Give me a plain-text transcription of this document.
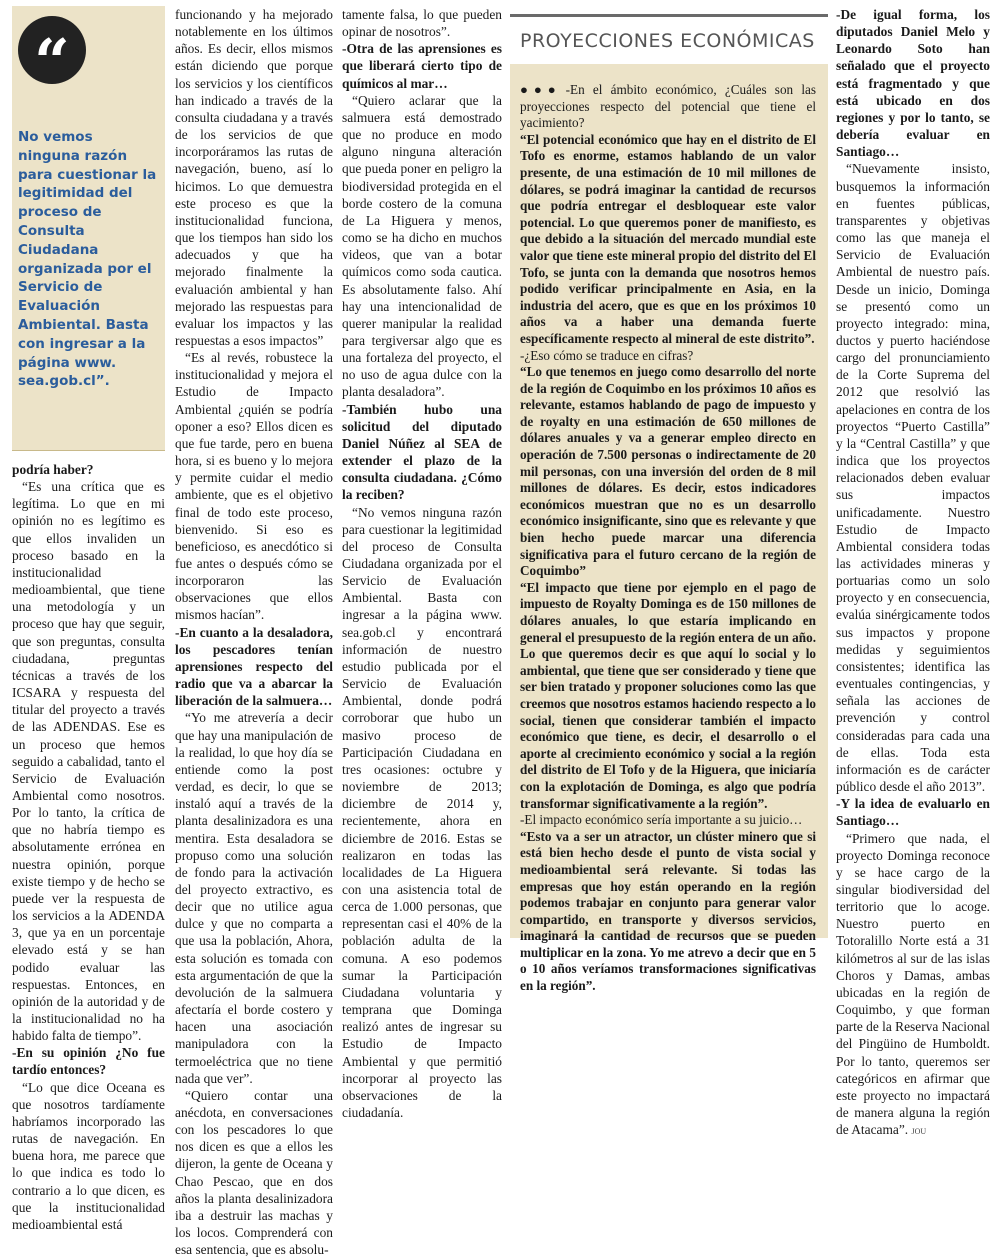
“
No vemos ninguna razón para cuestionar la legitimidad del proceso de Consulta Ciudadana organizada por el Servicio de Evaluación Ambiental. Basta con ingresar a la página www. sea.gob.cl”.

podría haber?

“Es una crítica que es legítima. Lo que en mi opinión no es legítimo es que ellos invaliden un proceso basado en la institucionalidad medioambiental, que tiene una metodología y un proceso que hay que seguir, que son preguntas, consulta ciudadana, preguntas técnicas a través de los ICSARA y respuesta del titular del proyecto a través de las ADENDAS. Ese es un proceso que hemos seguido a cabalidad, tanto el Servicio de Evaluación Ambiental como nosotros. Por lo tanto, la crítica de que no habría tiempo es absolutamente errónea en nuestra opinión, porque existe tiempo y de hecho se puede ver la respuesta de los servicios a la ADENDA 3, que ya en un porcentaje elevado está y se han podido evaluar las respuestas. Entonces, en opinión de la autoridad y de la institucionalidad no ha habido falta de tiempo”.

-En su opinión ¿No fue tardío entonces?

“Lo que dice Oceana es que nosotros tardíamente habríamos incorporado las rutas de navegación. En buena hora, me parece que lo que indica es todo lo contrario a lo que dicen, es que la institucionalidad medioambiental está

funcionando y ha mejorado notablemente en los últimos años. Es decir, ellos mismos están diciendo que porque los servicios y los científicos han indicado a través de la consulta ciudadana y a través de los servicios de que incorporáramos las rutas de navegación, bueno, así lo hicimos. Lo que demuestra este proceso es que la institucionalidad funciona, que los tiempos han sido los adecuados y que ha mejorado finalmente la evaluación ambiental y han mejorado las respuestas para evaluar los impactos y las respuestas a esos impactos”

“Es al revés, robustece la institucionalidad y mejora el Estudio de Impacto Ambiental ¿quién se podría oponer a eso? Ellos dicen es que fue tarde, pero en buena hora, si es bueno y lo mejora y permite cuidar el medio ambiente, que es el objetivo final de todo este proceso, bienvenido. Si eso es beneficioso, es anecdótico si fue antes o después cómo se incorporaron las observaciones que ellos mismos hacían”.

-En cuanto a la desaladora, los pescadores tenían aprensiones respecto del radio que va a abarcar la liberación de la salmuera…

“Yo me atrevería a decir que hay una manipulación de la realidad, lo que hoy día se entiende como la post verdad, es decir, lo que se instaló aquí a través de la planta desalinizadora es una mentira. Esta desaladora se propuso como una solución de fondo para la activación del proyecto extractivo, es decir que no utilice agua dulce y que no comparta a que usa la población, Ahora, esta solución es tomada con esta argumentación de que la devolución de la salmuera afectaría el borde costero y hacen una asociación manipuladora con la termoeléctrica que no tiene nada que ver”.

“Quiero contar una anécdota, en conversaciones con los pescadores lo que nos dicen es que a ellos les dijeron, la gente de Oceana y Chao Pescao, que en dos años la planta desalinizadora iba a destruir las machas y los locos. Comprenderá con esa sentencia, que es absolu-

tamente falsa, lo que pueden opinar de nosotros”.

-Otra de las aprensiones es que liberará cierto tipo de químicos al mar…

“Quiero aclarar que la salmuera está demostrado que no produce en modo alguno ninguna alteración que pueda poner en peligro la biodiversidad protegida en el borde costero de la comuna de La Higuera y menos, como se ha dicho en muchos videos, que van a botar químicos como soda cautica. Es absolutamente falso. Ahí hay una intencionalidad de querer manipular la realidad para tergiversar algo que es una fortaleza del proyecto, el no uso de agua dulce con la planta desaladora”.

-También hubo una solicitud del diputado Daniel Núñez al SEA de extender el plazo de la consulta ciudadana. ¿Cómo la reciben?

“No vemos ninguna razón para cuestionar la legitimidad del proceso de Consulta Ciudadana organizada por el Servicio de Evaluación Ambiental. Basta con ingresar a la página www. sea.gob.cl y encontrará información de nuestro estudio publicada por el Servicio de Evaluación Ambiental, donde podrá corroborar que hubo un masivo proceso de Participación Ciudadana en tres ocasiones: octubre y noviembre de 2013; diciembre de 2014 y, recientemente, ahora en diciembre de 2016. Estas se realizaron en todas las localidades de La Higuera con una asistencia total de cerca de 1.000 personas, que representan casi el 40% de la población adulta de la comuna. A eso podemos sumar la Participación Ciudadana voluntaria y temprana que Dominga realizó antes de ingresar su Estudio de Impacto Ambiental y que permitió incorporar al proyecto las observaciones de la ciudadanía.

PROYECCIONES ECONÓMICAS

●●● -En el ámbito económico, ¿Cuáles son las proyecciones respecto del potencial que tiene el yacimiento?

“El potencial económico que hay en el distrito de El Tofo es enorme, estamos hablando de un valor presente, de una estimación de 10 mil millones de dólares, se podrá imaginar la cantidad de recursos que podría entregar el desbloquear este valor potencial. Lo que queremos poner de manifiesto, es que debido a la situación del mercado mundial este valor que tiene este mineral propio del distrito del El Tofo, se junta con la demanda que nosotros hemos podido verificar principalmente en Asia, en la industria del acero, que es que en los próximos 10 años va a haber una demanda fuerte específicamente respecto al mineral de este distrito”.

-¿Eso cómo se traduce en cifras?

“Lo que tenemos en juego como desarrollo del norte de la región de Coquimbo en los próximos 10 años es relevante, estamos hablando de pago de impuesto y de royalty en una estimación de 650 millones de dólares anuales y va a generar empleo directo en operación de 7.500 personas o indirectamente de 20 mil personas, con una inversión del orden de 8 mil millones de dólares. Es decir, estos indicadores económicos muestran que no es un desarrollo económico insignificante, sino que es relevante y que bien hecho puede marcar una diferencia significativa para el futuro cercano de la región de Coquimbo”

“El impacto que tiene por ejemplo en el pago de impuesto de Royalty Dominga es de 150 millones de dólares anuales, lo que estaría implicando en general el presupuesto de la región entera de un año. Lo que queremos decir es que aquí lo social y lo ambiental, que tiene que ser considerado y tiene que ser bien tratado y proponer soluciones como las que creemos que nosotros estamos haciendo respecto a lo social, tienen que considerar también el impacto económico que tiene, es decir, el desarrollo o el aporte al crecimiento económico y social a la región del distrito de El Tofo y de la Higuera, que iniciaría con la explotación de Dominga, es algo que podría transformar significativamente a la región”.

-El impacto económico sería importante a su juicio…

“Esto va a ser un atractor, un clúster minero que si está bien hecho desde el punto de vista social y medioambiental será relevante. Si todas las empresas que hoy están operando en la región podemos trabajar en conjunto para generar valor compartido, en transporte y diversos servicios, imaginará la cantidad de recursos que se pueden multiplicar en la zona. Yo me atrevo a decir que en 5 o 10 años veríamos transformaciones significativas en la región”.

-De igual forma, los diputados Daniel Melo y Leonardo Soto han señalado que el proyecto está fragmentado y que está ubicado en dos regiones y por lo tanto, se debería evaluar en Santiago…

“Nuevamente insisto, busquemos la información en fuentes públicas, transparentes y objetivas como las que maneja el Servicio de Evaluación Ambiental de nuestro país. Desde un inicio, Dominga se presentó como un proyecto integrado: mina, ductos y puerto haciéndose cargo del pronunciamiento de la Corte Suprema del 2012 que resolvió las apelaciones en contra de los proyectos “Puerto Castilla” y la “Central Castilla” y que indica que los proyectos relacionados deben evaluar sus impactos unificadamente. Nuestro Estudio de Impacto Ambiental considera todas las actividades mineras y portuarias como un solo proyecto y en consecuencia, evalúa sinérgicamente todos sus impactos y propone medidas y seguimientos consistentes; identifica las eventuales contingencias, y señala las acciones de prevención y control consideradas para cada una de ellas. Toda esta información es de carácter público desde el año 2013”.

-Y la idea de evaluarlo en Santiago…

“Primero que nada, el proyecto Dominga reconoce y se hace cargo de la singular biodiversidad del territorio que lo acoge. Nuestro puerto en Totoralillo Norte está a 31 kilómetros al sur de las islas Choros y Damas, ambas ubicadas en la región de Coquimbo, y que forman parte de la Reserva Nacional del Pingüino de Humboldt. Por lo tanto, queremos ser categóricos en afirmar que este proyecto no impactará de manera alguna la región de Atacama”. JOU
